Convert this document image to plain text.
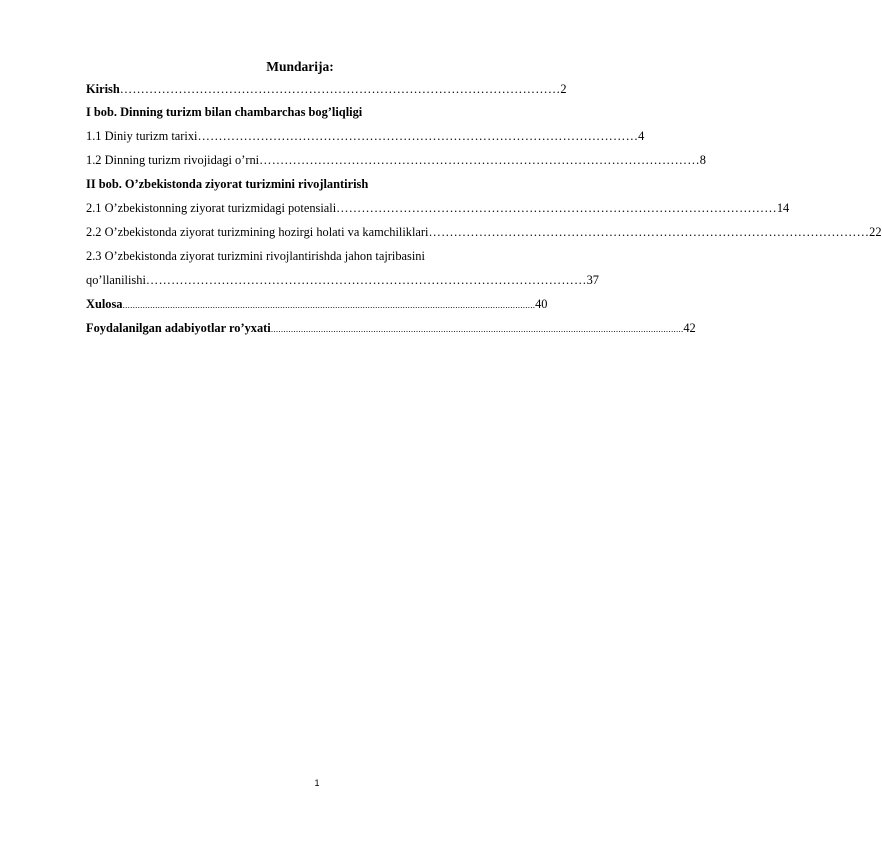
Mundarija:
Kirish …………………………………………………………………………………………… 2
I bob. Dinning turizm bilan chambarchas bog’liqligi
1.1 Diniy turizm tarixi …………………………………………………………………………………………… 4
1.2 Dinning turizm rivojidagi o’rni …………………………………………………………………………………………… 8
II bob. O’zbekistonda ziyorat turizmini rivojlantirish
2.1 O’zbekistonning ziyorat turizmidagi potensiali …………………………………………………………………………………………… 14
2.2 O’zbekistonda ziyorat turizmining hozirgi holati va kamchiliklari …………………………………………………………………………………………… 22
2.3 O’zbekistonda ziyorat turizmini rivojlantirishda jahon tajribasini
qo’llanilishi …………………………………………………………………………………………… 37
Xulosa ..................................................................................................................................................................... 40
Foydalanilgan adabiyotlar ro’yxati ..................................................................................................................................................................... 42
1
